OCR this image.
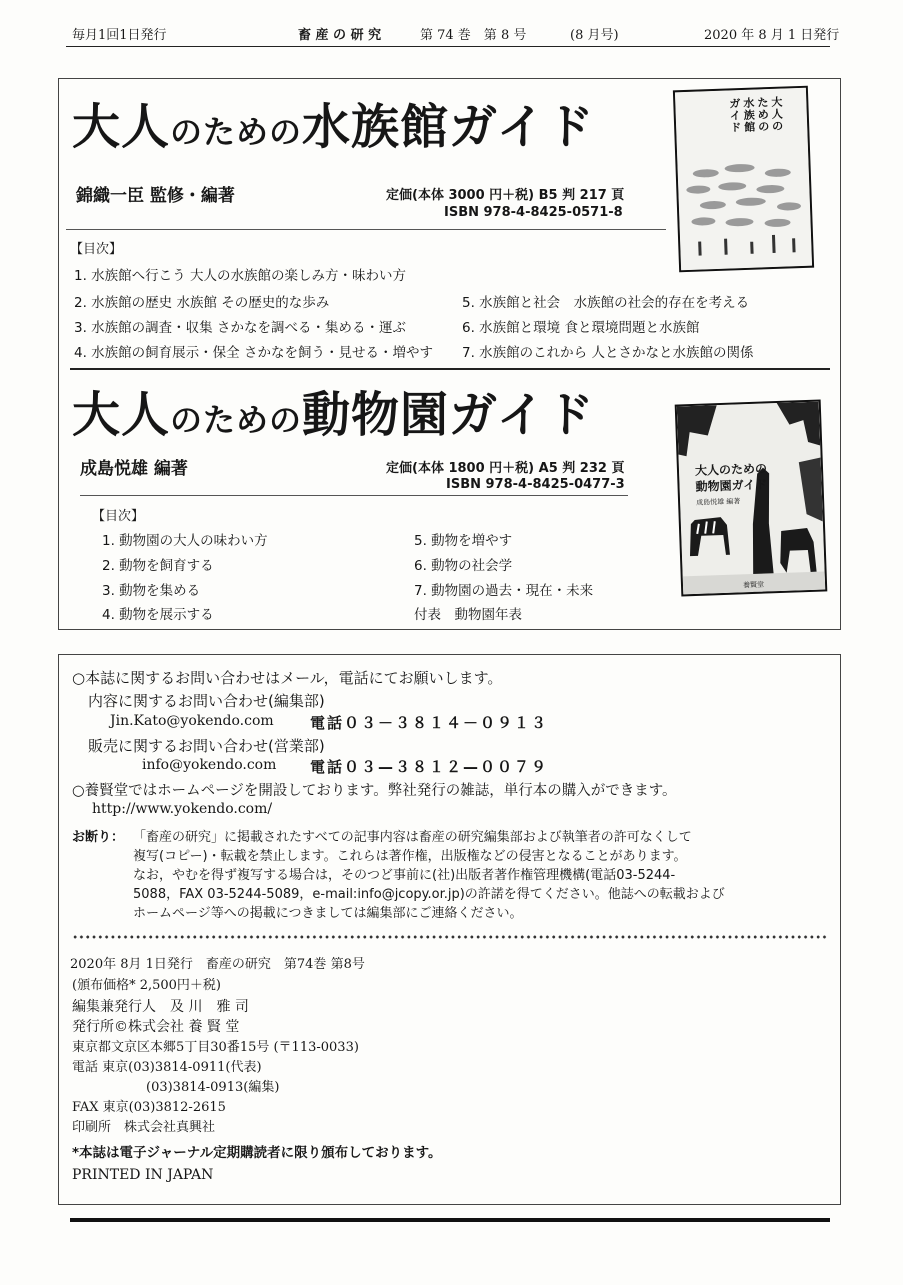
毎月1回1日発行	畜 産 の 研 究	第 74 巻　第 8 号	(8 月号)	2020 年 8 月 1 日発行
大人のための水族館ガイド
錦織一臣 監修・編著	定価(本体 3000 円＋税) B5 判 217 頁
ISBN 978-4-8425-0571-8
【目次】
1. 水族館へ行こう 大人の水族館の楽しみ方・味わい方
2. 水族館の歴史 水族館 その歴史的な歩み
3. 水族館の調査・収集 さかなを調べる・集める・運ぶ
4. 水族館の飼育展示・保全 さかなを飼う・見せる・増やす
5. 水族館と社会　水族館の社会的存在を考える
6. 水族館と環境 食と環境問題と水族館
7. 水族館のこれから 人とさかなと水族館の関係
大人の
ための
水族館
ガイド
大人のための動物園ガイド
成島悦雄 編著	定価(本体 1800 円＋税) A5 判 232 頁
ISBN 978-4-8425-0477-3
【目次】
1. 動物園の大人の味わい方
2. 動物を飼育する
3. 動物を集める
4. 動物を展示する
5. 動物を増やす
6. 動物の社会学
7. 動物園の過去・現在・未来
付表　動物園年表
大人のための
動物園ガイド
成島悦雄 編著
養賢堂
○本誌に関するお問い合わせはメール，電話にてお願いします。
内容に関するお問い合わせ(編集部)
Jin.Kato@yokendo.com 電話０３－３８１４－０９１３
販売に関するお問い合わせ(営業部)
info@yokendo.com 電話０３—３８１２—００７９
○養賢堂ではホームページを開設しております。弊社発行の雑誌，単行本の購入ができます。
http://www.yokendo.com/
お断り： 「畜産の研究」に掲載されたすべての記事内容は畜産の研究編集部および執筆者の許可なくして
複写(コピー)・転載を禁止します。これらは著作権，出版権などの侵害となることがあります。
なお，やむを得ず複写する場合は，そのつど事前に(社)出版者著作権管理機構(電話03-5244-
5088，FAX 03-5244-5089，e-mail:info@jcopy.or.jp)の許諾を得てください。他誌への転載および
ホームページ等への掲載につきましては編集部にご連絡ください。
2020年 8月 1日発行　畜産の研究　第74巻 第8号
(頒布価格* 2,500円＋税)
編集兼発行人　及 川　雅 司
発行所©株式会社 養 賢 堂
東京都文京区本郷5丁目30番15号 (〒113-0033)
電話 東京(03)3814-0911(代表)
(03)3814-0913(編集)
FAX 東京(03)3812-2615
印刷所　株式会社真興社
*本誌は電子ジャーナル定期購読者に限り頒布しております。
PRINTED IN JAPAN
